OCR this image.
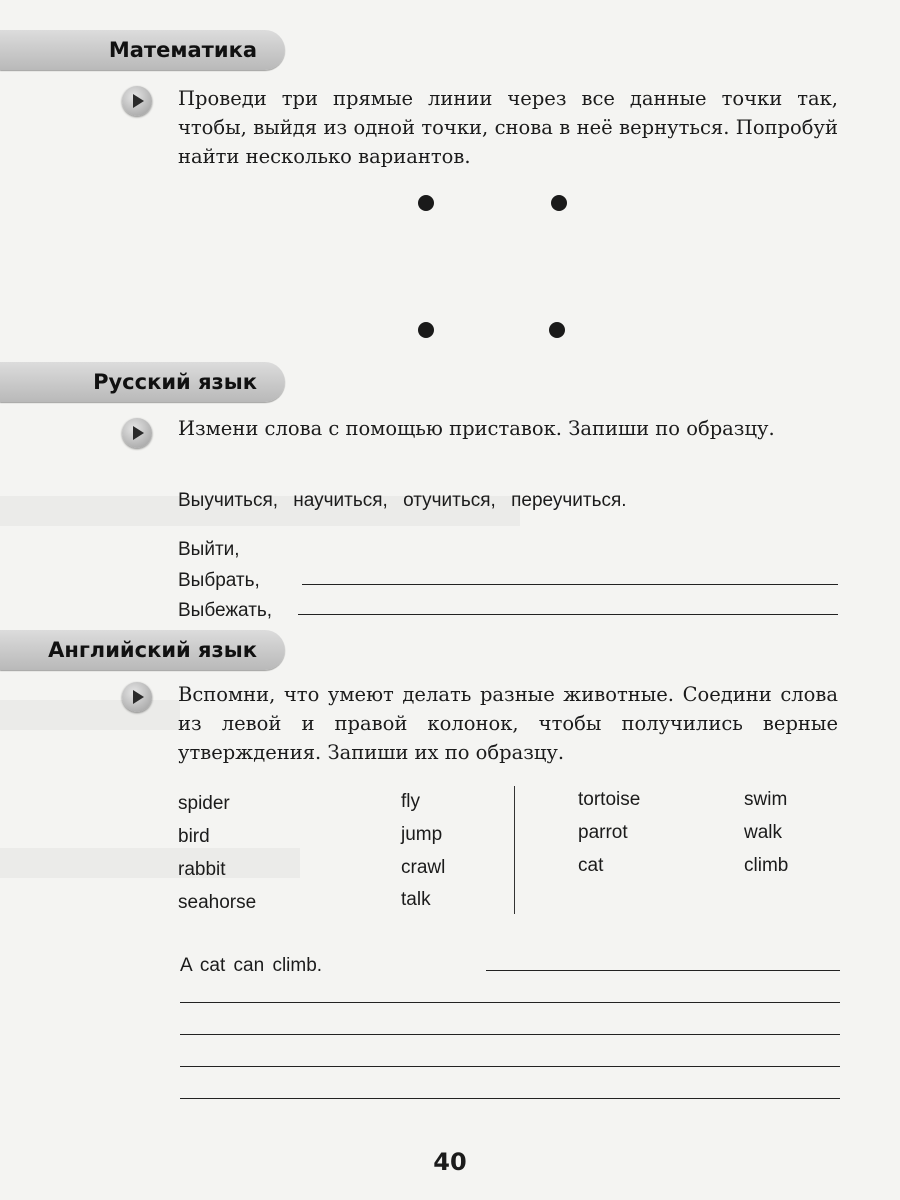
Математика

Проведи три прямые линии через все данные точки так, чтобы, выйдя из одной точки, снова в неё вернуться. Попробуй найти несколько вариантов.

Русский язык

Измени слова с помощью приставок. Запиши по образцу.

Выучиться, научиться, отучиться, переучиться.
Выйти,
Выбрать,
Выбежать,
Английский язык

Вспомни, что умеют делать разные животные. Соедини слова из левой и правой колонок, чтобы получились верные утверждения. Запиши их по образцу.

spider
bird
rabbit
seahorse
fly
jump
crawl
talk
tortoise
parrot
cat
swim
walk
climb
A cat can climb.
40
